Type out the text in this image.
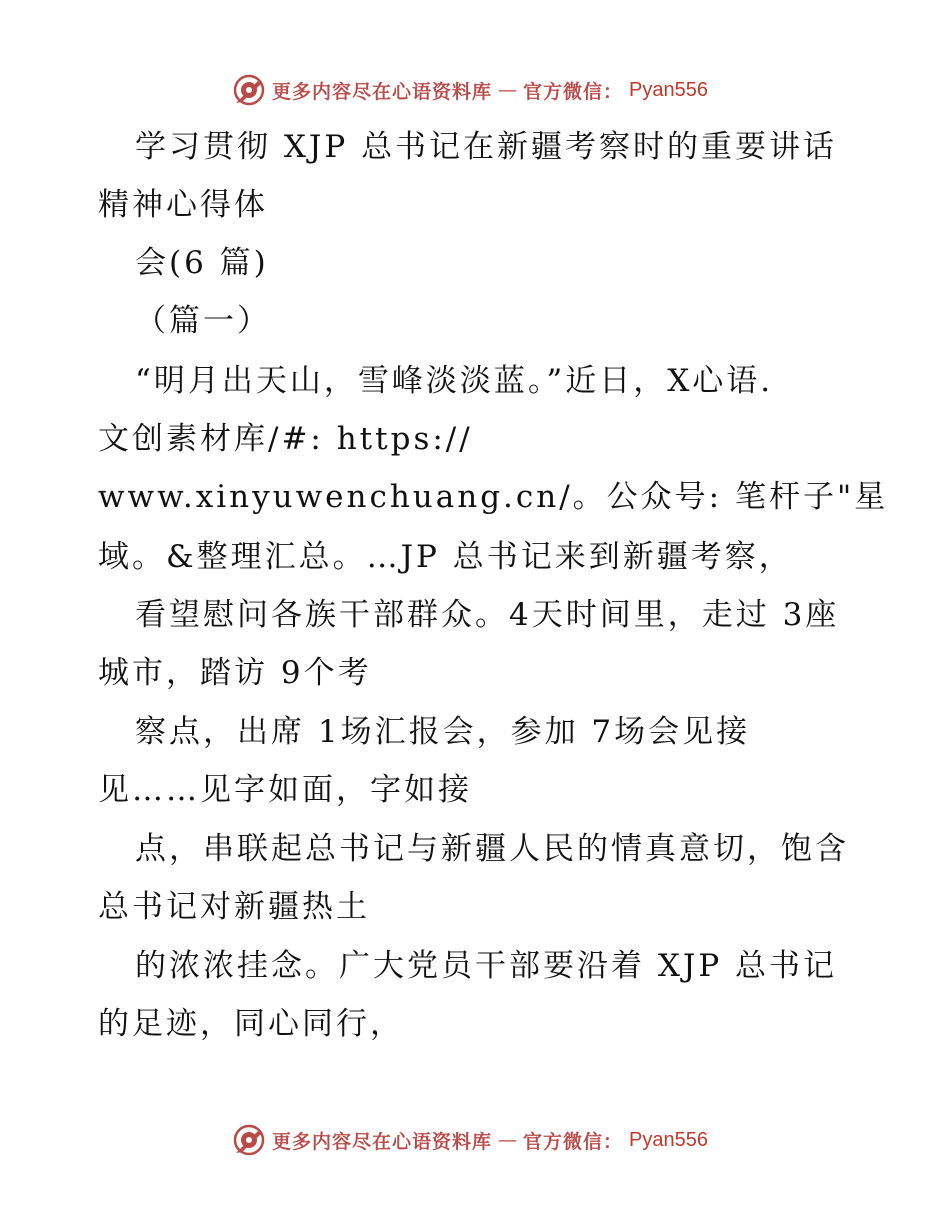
更多内容尽在心语资料库 — 官方微信： Pyan556
学习贯彻 XJP 总书记在新疆考察时的重要讲话
精神心得体
会(6 篇)
（篇一）
“明月出天山，雪峰淡淡蓝。”近日，X心语.
文创素材库/#: https://
www.xinyuwenchuang.cn/。公众号: 笔杆子"星
域。&整理汇总。…JP 总书记来到新疆考察，
看望慰问各族干部群众。4天时间里，走过 3座
城市，踏访 9个考
察点，出席 1场汇报会，参加 7场会见接
见……见字如面，字如接
点，串联起总书记与新疆人民的情真意切，饱含
总书记对新疆热土
的浓浓挂念。广大党员干部要沿着 XJP 总书记
的足迹，同心同行，
更多内容尽在心语资料库 — 官方微信： Pyan556
